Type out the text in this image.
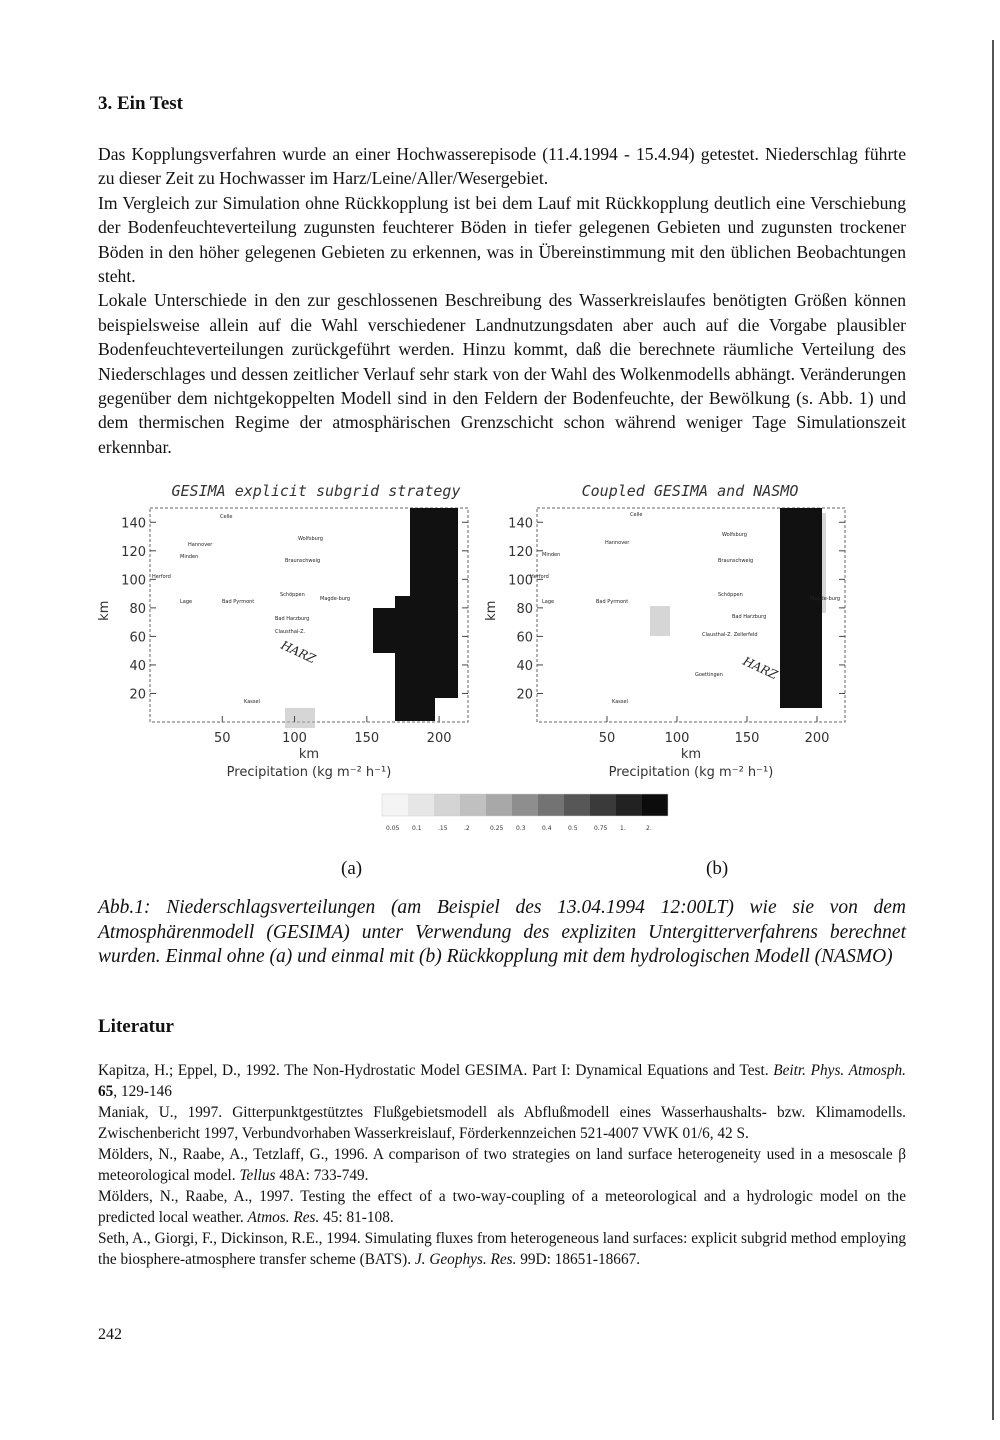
3. Ein Test

Das Kopplungsverfahren wurde an einer Hochwasserepisode (11.4.1994 - 15.4.94) getestet. Niederschlag führte zu dieser Zeit zu Hochwasser im Harz/Leine/Aller/Wesergebiet.

Im Vergleich zur Simulation ohne Rückkopplung ist bei dem Lauf mit Rückkopplung deutlich eine Verschiebung der Bodenfeuchteverteilung zugunsten feuchterer Böden in tiefer gelegenen Gebieten und zugunsten trockener Böden in den höher gelegenen Gebieten zu erkennen, was in Übereinstimmung mit den üblichen Beobachtungen steht.

Lokale Unterschiede in den zur geschlossenen Beschreibung des Wasserkreislaufes benötigten Größen können beispielsweise allein auf die Wahl verschiedener Landnutzungsdaten aber auch auf die Vorgabe plausibler Bodenfeuchteverteilungen zurückgeführt werden. Hinzu kommt, daß die berechnete räumliche Verteilung des Niederschlages und dessen zeitlicher Verlauf sehr stark von der Wahl des Wolkenmodells abhängt. Veränderungen gegenüber dem nichtgekoppelten Modell sind in den Feldern der Bodenfeuchte, der Bewölkung (s. Abb. 1) und dem thermischen Regime der atmosphärischen Grenzschicht schon während weniger Tage Simulationszeit erkennbar.

GESIMA explicit subgrid strategy
140
120
100
80
60
40
20
50	100	150	200
km
km
Precipitation (kg m⁻² h⁻¹)
Celle
Wolfsburg
Hannover
Braunschweig
Minden
Herford
Lage	Bad Pyrmont
Schöppen
Magde-burg
Bad Harzburg
Clausthal-Z.
HARZ
Kassel
Coupled GESIMA and NASMO
140
120
100
80
60
40
20
50	100	150	200
km
km
Precipitation (kg m⁻² h⁻¹)
Celle
Wolfsburg
Hannover
Braunschweig
Minden
Herford
Lage	Bad Pyrmont
Schöppen
Magde-burg
Bad Harzburg
Clausthal-Z. Zellerfeld
HARZ
Goettingen
Kassel
0.05 0.1	.15	.2	0.25 0.3	0.4	0.5	0.75 1.	2.
(a)	(b)
Abb.1: Niederschlagsverteilungen (am Beispiel des 13.04.1994 12:00LT) wie sie von dem Atmosphärenmodell (GESIMA) unter Verwendung des expliziten Untergitterverfahrens berechnet wurden. Einmal ohne (a) und einmal mit (b) Rückkopplung mit dem hydrologischen Modell (NASMO)
Literatur

Kapitza, H.; Eppel, D., 1992. The Non-Hydrostatic Model GESIMA. Part I: Dynamical Equations and Test. Beitr. Phys. Atmosph. 65, 129-146

Maniak, U., 1997. Gitterpunktgestütztes Flußgebietsmodell als Abflußmodell eines Wasserhaushalts- bzw. Klimamodells. Zwischenbericht 1997, Verbundvorhaben Wasserkreislauf, Förderkennzeichen 521-4007 VWK 01/6, 42 S.

Mölders, N., Raabe, A., Tetzlaff, G., 1996. A comparison of two strategies on land surface heterogeneity used in a mesoscale β meteorological model. Tellus 48A: 733-749.

Mölders, N., Raabe, A., 1997. Testing the effect of a two-way-coupling of a meteorological and a hydrologic model on the predicted local weather. Atmos. Res. 45: 81-108.

Seth, A., Giorgi, F., Dickinson, R.E., 1994. Simulating fluxes from heterogeneous land surfaces: explicit subgrid method employing the biosphere-atmosphere transfer scheme (BATS). J. Geophys. Res. 99D: 18651-18667.

242
